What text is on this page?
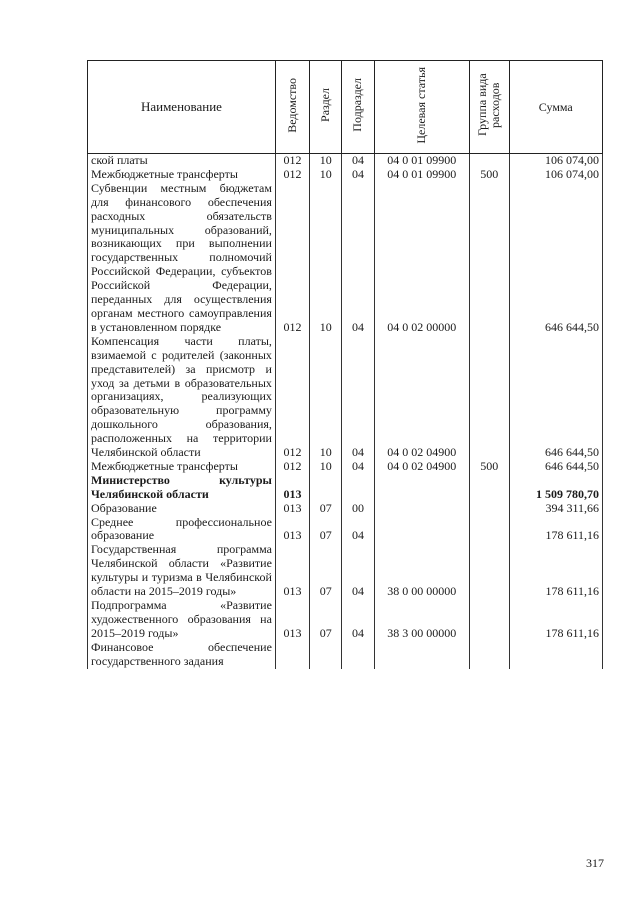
Наименование	Ведомство	Раздел	Подраздел	Целевая статья	Группа вида расходов	Сумма
ской платы	012	10	04	04 0 01 09900		106 074,00
Межбюджетные трансферты	012	10	04	04 0 01 09900	500	106 074,00
Субвенции местным бюджетам для финансового обеспечения расходных обязательств муниципальных образований, возникающих при выполнении государственных полномочий Российской Федерации, субъектов Российской Федерации, переданных для осуществления органам местного самоуправления в установленном порядке	012	10	04	04 0 02 00000		646 644,50
Компенсация части платы, взимаемой с родителей (законных представителей) за присмотр и уход за детьми в образовательных организациях, реализующих образовательную программу дошкольного образования, расположенных на территории Челябинской области	012	10	04	04 0 02 04900		646 644,50
Межбюджетные трансферты	012	10	04	04 0 02 04900	500	646 644,50
Министерство культуры Челябинской области	013					1 509 780,70
Образование	013	07	00			394 311,66
Среднее профессиональное образование	013	07	04			178 611,16
Государственная программа Челябинской области «Развитие культуры и туризма в Челябинской области на 2015–2019 годы»	013	07	04	38 0 00 00000		178 611,16
Подпрограмма «Развитие художественного образования на 2015–2019 годы»	013	07	04	38 3 00 00000		178 611,16
Финансовое обеспечение государственного задания						
317
